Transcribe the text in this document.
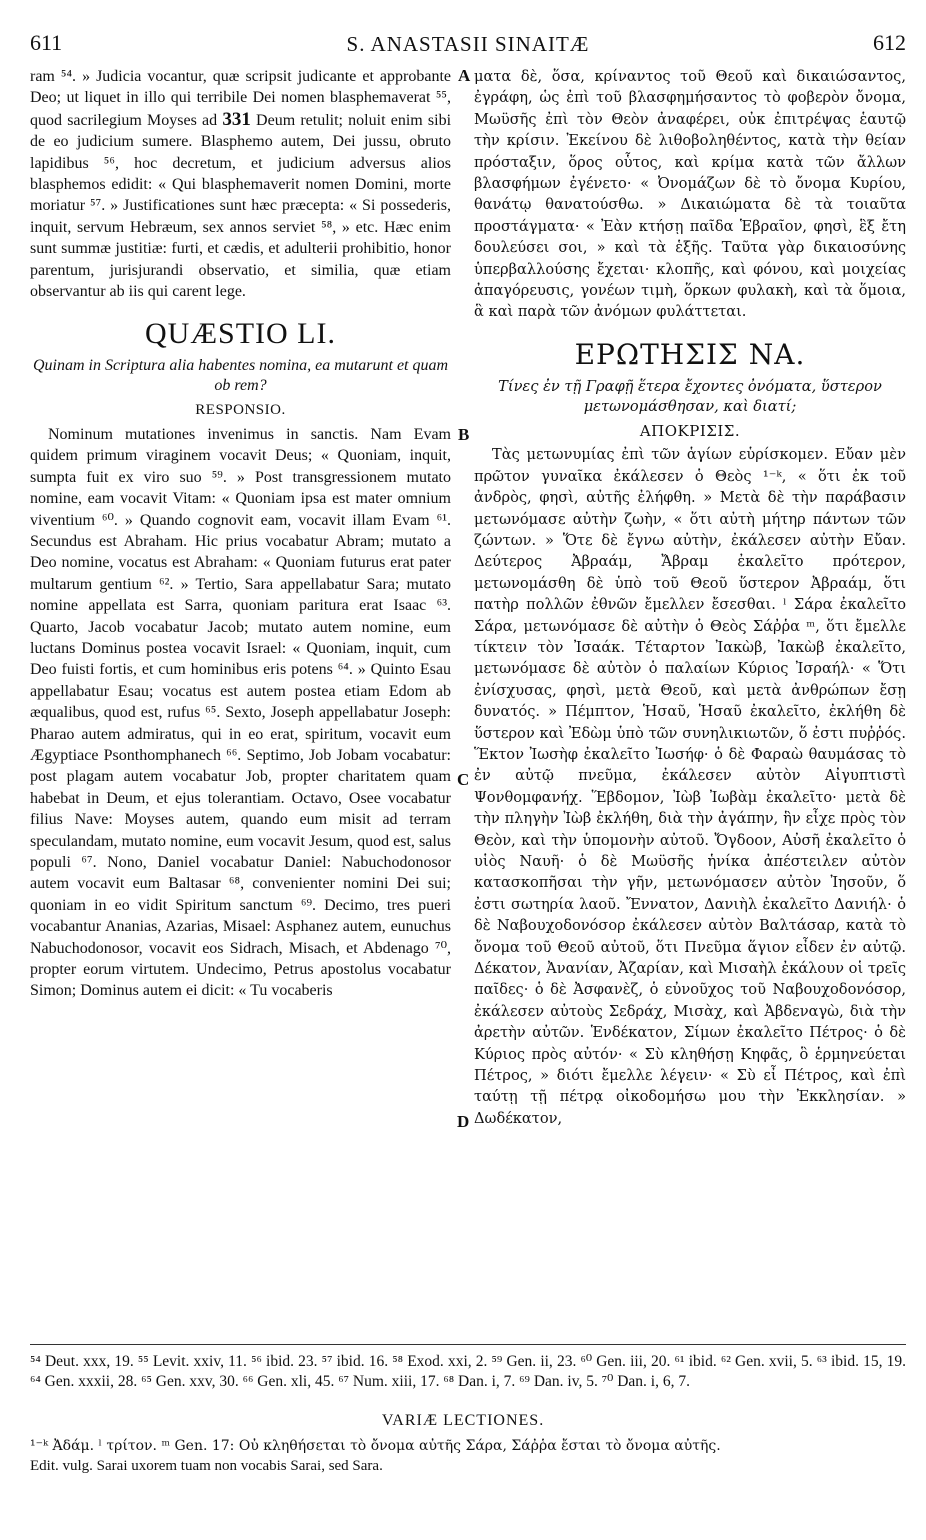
611	S. ANASTASII SINAITÆ	612
A
B
C
D

ram ⁵⁴. » Judicia vocantur, quæ scripsit judicante et approbante Deo; ut liquet in illo qui terribile Dei nomen blasphemaverat ⁵⁵, quod sacrilegium Moyses ad 331 Deum retulit; noluit enim sibi de eo judicium sumere. Blasphemo autem, Dei jussu, obruto lapidibus ⁵⁶, hoc decretum, et judicium adversus alios blasphemos edidit: « Qui blasphemaverit nomen Domini, morte moriatur ⁵⁷. » Justificationes sunt hæc præcepta: « Si possederis, inquit, servum Hebræum, sex annos serviet ⁵⁸, » etc. Hæc enim sunt summæ justitiæ: furti, et cædis, et adulterii prohibitio, honor parentum, jurisjurandi observatio, et similia, quæ etiam observantur ab iis qui carent lege.

QUÆSTIO LI.
Quinam in Scriptura alia habentes nomina, ea mutarunt et quam ob rem?
RESPONSIO.

Nominum mutationes invenimus in sanctis. Nam Evam quidem primum viraginem vocavit Deus; « Quoniam, inquit, sumpta fuit ex viro suo ⁵⁹. » Post transgressionem mutato nomine, eam vocavit Vitam: « Quoniam ipsa est mater omnium viventium ⁶⁰. » Quando cognovit eam, vocavit illam Evam ⁶¹. Secundus est Abraham. Hic prius vocabatur Abram; mutato a Deo nomine, vocatus est Abraham: « Quoniam futurus erat pater multarum gentium ⁶². » Tertio, Sara appellabatur Sara; mutato nomine appellata est Sarra, quoniam paritura erat Isaac ⁶³. Quarto, Jacob vocabatur Jacob; mutato autem nomine, eum luctans Dominus postea vocavit Israel: « Quoniam, inquit, cum Deo fuisti fortis, et cum hominibus eris potens ⁶⁴. » Quinto Esau appellabatur Esau; vocatus est autem postea etiam Edom ab æqualibus, quod est, rufus ⁶⁵. Sexto, Joseph appellabatur Joseph: Pharao autem admiratus, qui in eo erat, spiritum, vocavit eum Ægyptiace Psonthomphanech ⁶⁶. Septimo, Job Jobam vocabatur: post plagam autem vocabatur Job, propter charitatem quam habebat in Deum, et ejus tolerantiam. Octavo, Osee vocabatur filius Nave: Moyses autem, quando eum misit ad terram speculandam, mutato nomine, eum vocavit Jesum, quod est, salus populi ⁶⁷. Nono, Daniel vocabatur Daniel: Nabuchodonosor autem vocavit eum Baltasar ⁶⁸, convenienter nomini Dei sui; quoniam in eo vidit Spiritum sanctum ⁶⁹. Decimo, tres pueri vocabantur Ananias, Azarias, Misael: Asphanez autem, eunuchus Nabuchodonosor, vocavit eos Sidrach, Misach, et Abdenago ⁷⁰, propter eorum virtutem. Undecimo, Petrus apostolus vocabatur Simon; Dominus autem ei dicit: « Tu vocaberis

ματα δὲ, ὅσα, κρίναντος τοῦ Θεοῦ καὶ δικαιώσαντος, ἐγράφη, ὡς ἐπὶ τοῦ βλασφημήσαντος τὸ φοβερὸν ὄνομα, Μωϋσῆς ἐπὶ τὸν Θεὸν ἀναφέρει, οὐκ ἐπιτρέψας ἑαυτῷ τὴν κρίσιν. Ἐκείνου δὲ λιθοβοληθέντος, κατὰ τὴν θείαν πρόσταξιν, ὅρος οὗτος, καὶ κρίμα κατὰ τῶν ἄλλων βλασφήμων ἐγένετο· « Ὀνομάζων δὲ τὸ ὄνομα Κυρίου, θανάτῳ θανατούσθω. » Δικαιώματα δὲ τὰ τοιαῦτα προστάγματα· « Ἐὰν κτήσῃ παῖδα Ἑβραῖον, φησὶ, ἓξ ἔτη δουλεύσει σοι, » καὶ τὰ ἑξῆς. Ταῦτα γὰρ δικαιοσύνης ὑπερβαλλούσης ἔχεται· κλοπῆς, καὶ φόνου, καὶ μοιχείας ἀπαγόρευσις, γονέων τιμὴ, ὅρκων φυλακὴ, καὶ τὰ ὅμοια, ἃ καὶ παρὰ τῶν ἀνόμων φυλάττεται.

ΕΡΩΤΗΣΙΣ ΝΑ.
Τίνες ἐν τῇ Γραφῇ ἕτερα ἔχοντες ὀνόματα, ὕστερον μετωνομάσθησαν, καὶ διατί;
ΑΠΟΚΡΙΣΙΣ.

Τὰς μετωνυμίας ἐπὶ τῶν ἁγίων εὑρίσκομεν. Εὔαν μὲν πρῶτον γυναῖκα ἐκάλεσεν ὁ Θεὸς ¹⁻ᵏ, « ὅτι ἐκ τοῦ ἀνδρὸς, φησὶ, αὐτῆς ἐλήφθη. » Μετὰ δὲ τὴν παράβασιν μετωνόμασε αὐτὴν ζωὴν, « ὅτι αὐτὴ μήτηρ πάντων τῶν ζώντων. » Ὅτε δὲ ἔγνω αὐτὴν, ἐκάλεσεν αὐτὴν Εὔαν. Δεύτερος Ἀβραάμ, Ἄβραμ ἐκαλεῖτο πρότερον, μετωνομάσθη δὲ ὑπὸ τοῦ Θεοῦ ὕστερον Ἀβραάμ, ὅτι πατὴρ πολλῶν ἐθνῶν ἔμελλεν ἔσεσθαι. ˡ Σάρα ἐκαλεῖτο Σάρα, μετωνόμασε δὲ αὐτὴν ὁ Θεὸς Σάῤῥα ᵐ, ὅτι ἔμελλε τίκτειν τὸν Ἰσαάκ. Τέταρτον Ἰακὼβ, Ἰακὼβ ἐκαλεῖτο, μετωνόμασε δὲ αὐτὸν ὁ παλαίων Κύριος Ἰσραήλ· « Ὅτι ἐνίσχυσας, φησὶ, μετὰ Θεοῦ, καὶ μετὰ ἀνθρώπων ἔσῃ δυνατός. » Πέμπτον, Ἡσαῦ, Ἡσαῦ ἐκαλεῖτο, ἐκλήθη δὲ ὕστερον καὶ Ἐδὼμ ὑπὸ τῶν συνηλικιωτῶν, ὅ ἐστι πυῤῥός. Ἕκτον Ἰωσὴφ ἐκαλεῖτο Ἰωσήφ· ὁ δὲ Φαραὼ θαυμάσας τὸ ἐν αὐτῷ πνεῦμα, ἐκάλεσεν αὐτὸν Αἰγυπτιστὶ Ψονθομφανήχ. Ἕβδομον, Ἰὼβ Ἰωβὰμ ἐκαλεῖτο· μετὰ δὲ τὴν πληγὴν Ἰὼβ ἐκλήθη, διὰ τὴν ἀγάπην, ἣν εἶχε πρὸς τὸν Θεὸν, καὶ τὴν ὑπομονὴν αὐτοῦ. Ὄγδοον, Αὐσῆ ἐκαλεῖτο ὁ υἱὸς Ναυῆ· ὁ δὲ Μωϋσῆς ἡνίκα ἀπέστειλεν αὐτὸν κατασκοπῆσαι τὴν γῆν, μετωνόμασεν αὐτὸν Ἰησοῦν, ὅ ἐστι σωτηρία λαοῦ. Ἔννατον, Δανιὴλ ἐκαλεῖτο Δανιήλ· ὁ δὲ Ναβουχοδονόσορ ἐκάλεσεν αὐτὸν Βαλτάσαρ, κατὰ τὸ ὄνομα τοῦ Θεοῦ αὐτοῦ, ὅτι Πνεῦμα ἅγιον εἶδεν ἐν αὐτῷ. Δέκατον, Ἀνανίαν, Ἀζαρίαν, καὶ Μισαὴλ ἐκάλουν οἱ τρεῖς παῖδες· ὁ δὲ Ἀσφανὲζ, ὁ εὐνοῦχος τοῦ Ναβουχοδονόσορ, ἐκάλεσεν αὐτοὺς Σεδράχ, Μισὰχ, καὶ Ἀβδεναγὼ, διὰ τὴν ἀρετὴν αὐτῶν. Ἑνδέκατον, Σίμων ἐκαλεῖτο Πέτρος· ὁ δὲ Κύριος πρὸς αὐτόν· « Σὺ κληθήσῃ Κηφᾶς, ὃ ἑρμηνεύεται Πέτρος, » διότι ἔμελλε λέγειν· « Σὺ εἶ Πέτρος, καὶ ἐπὶ ταύτῃ τῇ πέτρᾳ οἰκοδομήσω μου τὴν Ἐκκλησίαν. » Δωδέκατον,

⁵⁴ Deut. xxx, 19. ⁵⁵ Levit. xxiv, 11. ⁵⁶ ibid. 23. ⁵⁷ ibid. 16. ⁵⁸ Exod. xxi, 2. ⁵⁹ Gen. ii, 23. ⁶⁰ Gen. iii, 20. ⁶¹ ibid. ⁶² Gen. xvii, 5. ⁶³ ibid. 15, 19. ⁶⁴ Gen. xxxii, 28. ⁶⁵ Gen. xxv, 30. ⁶⁶ Gen. xli, 45. ⁶⁷ Num. xiii, 17. ⁶⁸ Dan. i, 7. ⁶⁹ Dan. iv, 5. ⁷⁰ Dan. i, 6, 7.
VARIÆ LECTIONES.
¹⁻ᵏ Ἀδάμ. ˡ τρίτον. ᵐ Gen. 17: Οὐ κληθήσεται τὸ ὄνομα αὐτῆς Σάρα, Σάῤῥα ἔσται τὸ ὄνομα αὐτῆς.
Edit. vulg. Sarai uxorem tuam non vocabis Sarai, sed Sara.
